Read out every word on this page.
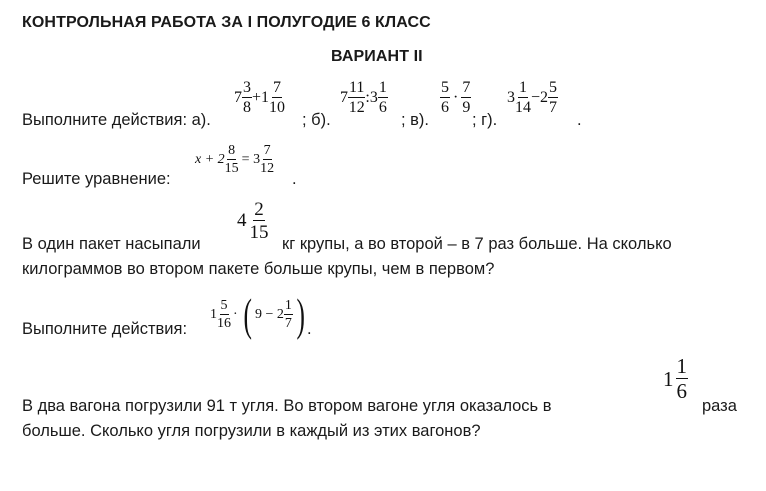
КОНТРОЛЬНАЯ РАБОТА ЗА I ПОЛУГОДИЕ 6 КЛАСС
ВАРИАНТ II
Выполните действия: а).
$7 \frac{3}{8} +1 \frac{7}{10}$
; б).
$7 \frac{11}{12}$ :3 $\frac{1}{6}$
; в).
$\frac{5}{6} \cdot \frac{7}{9}$
; г).
$3 \frac{1}{14} -2 \frac{5}{7}$
.
Решите уравнение:
$x + 2 \frac{8}{15} = 3 \frac{7}{12}$
.
В один пакет насыпали
$4 \frac{2}{15}$
кг крупы, а во второй – в 7 раз больше. На сколько
килограммов во втором пакете больше крупы, чем в первом?
Выполните действия:
$1 \frac{5}{16}$ · ( $9 - 2 \frac{1}{7}$ ) .
$1 \frac{1}{6}$
В два вагона погрузили 91 т угля. Во втором вагоне угля оказалось в	раза
больше. Сколько угля погрузили в каждый из этих вагонов?
